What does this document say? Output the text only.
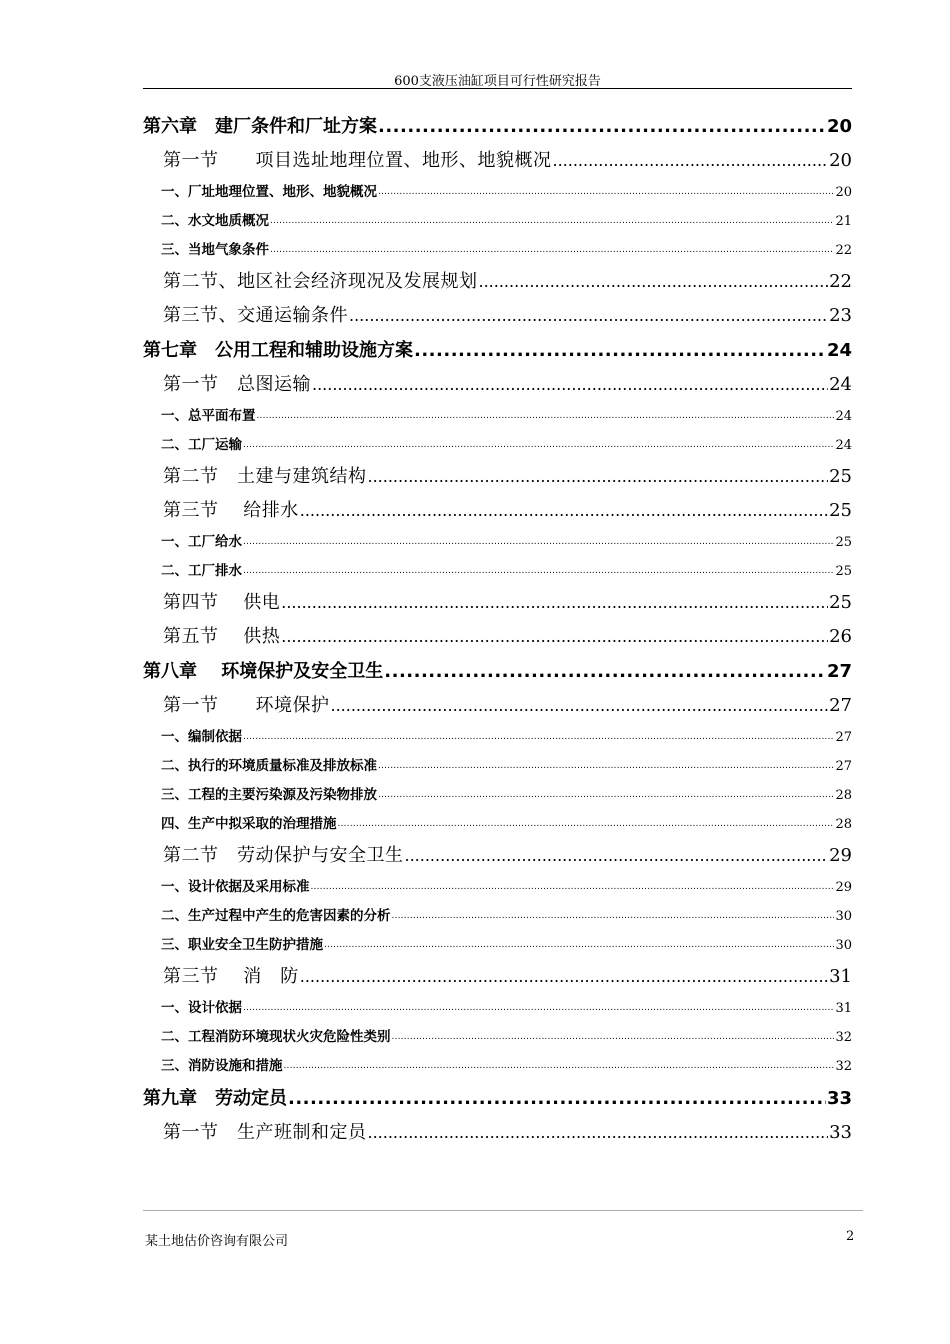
600支液压油缸项目可行性研究报告
第六章　建厂条件和厂址方案 .....	20
第一节　　项目选址地理位置、地形、地貌概况 .....	20
一、厂址地理位置、地形、地貌概况 .....	20
二、水文地质概况 .....	21
三、当地气象条件 .....	22
第二节、地区社会经济现况及发展规划 .....	22
第三节、交通运输条件 .....	23
第七章　公用工程和辅助设施方案 .....	24
第一节　总图运输 .....	24
一、总平面布置 .....	24
二、工厂运输 .....	24
第二节　土建与建筑结构 .....	25
第三节　 给排水 .....	25
一、工厂给水 .....	25
二、工厂排水 .....	25
第四节　 供电 .....	25
第五节　 供热 .....	26
第八章　 环境保护及安全卫生 .....	27
第一节　　环境保护 .....	27
一、编制依据 .....	27
二、执行的环境质量标准及排放标准 .....	27
三、工程的主要污染源及污染物排放 .....	28
四、生产中拟采取的治理措施 .....	28
第二节　劳动保护与安全卫生 .....	29
一、设计依据及采用标准 .....	29
二、生产过程中产生的危害因素的分析 .....	30
三、职业安全卫生防护措施 .....	30
第三节　 消　防 .....	31
一、设计依据 .....	31
二、工程消防环境现状火灾危险性类别 .....	32
三、消防设施和措施 .....	32
第九章　劳动定员 .....	33
第一节　生产班制和定员 .....	33
某土地估价咨询有限公司	2
